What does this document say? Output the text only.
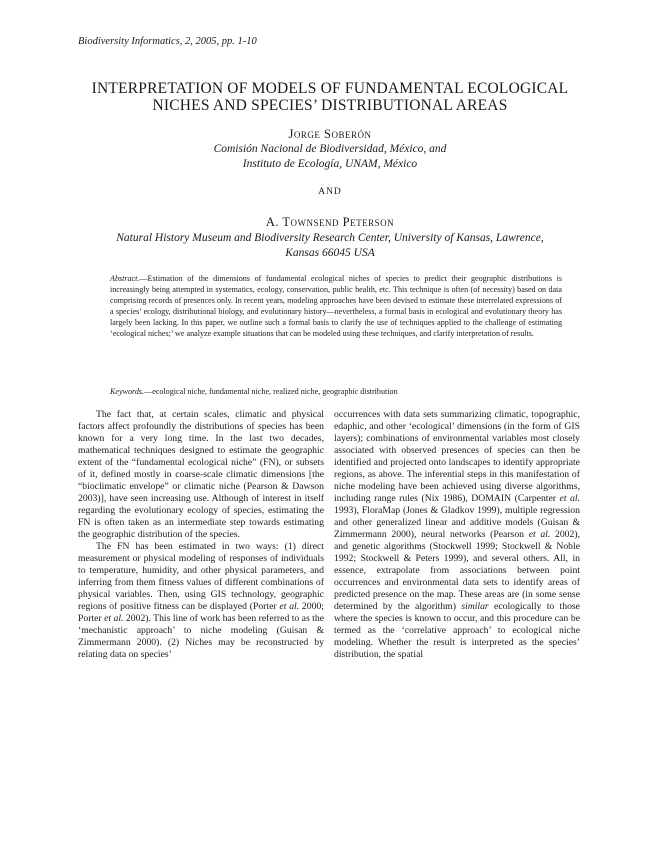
Biodiversity Informatics, 2, 2005, pp. 1-10
INTERPRETATION OF MODELS OF FUNDAMENTAL ECOLOGICAL
NICHES AND SPECIES’ DISTRIBUTIONAL AREAS
Jorge Soberón
Comisión Nacional de Biodiversidad, México, and
Instituto de Ecología, UNAM, México
AND
A. Townsend Peterson
Natural History Museum and Biodiversity Research Center, University of Kansas, Lawrence,
Kansas 66045 USA
Abstract.—Estimation of the dimensions of fundamental ecological niches of species to predict their geographic distributions is increasingly being attempted in systematics, ecology, conservation, public health, etc. This technique is often (of necessity) based on data comprising records of presences only. In recent years, modeling approaches have been devised to estimate these interrelated expressions of a species’ ecology, distributional biology, and evolutionary history—nevertheless, a formal basis in ecological and evolutionary theory has largely been lacking. In this paper, we outline such a formal basis to clarify the use of techniques applied to the challenge of estimating ‘ecological niches;’ we analyze example situations that can be modeled using these techniques, and clarify interpretation of results.
Keywords.—ecological niche, fundamental niche, realized niche, geographic distribution

The fact that, at certain scales, climatic and physical factors affect profoundly the distributions of species has been known for a very long time. In the last two decades, mathematical techniques designed to estimate the geographic extent of the “fundamental ecological niche” (FN), or subsets of it, defined mostly in coarse-scale climatic dimensions [the “bioclimatic envelope” or climatic niche (Pearson & Dawson 2003)], have seen increasing use. Although of interest in itself regarding the evolutionary ecology of species, estimating the FN is often taken as an intermediate step towards estimating the geographic distribution of the species.

The FN has been estimated in two ways: (1) direct measurement or physical modeling of responses of individuals to temperature, humidity, and other physical parameters, and inferring from them fitness values of different combinations of physical variables. Then, using GIS technology, geographic regions of positive fitness can be displayed (Porter et al. 2000; Porter et al. 2002). This line of work has been referred to as the ‘mechanistic approach’ to niche modeling (Guisan & Zimmermann 2000). (2) Niches may be reconstructed by relating data on species’

occurrences with data sets summarizing climatic, topographic, edaphic, and other ‘ecological’ dimensions (in the form of GIS layers); combinations of environmental variables most closely associated with observed presences of species can then be identified and projected onto landscapes to identify appropriate regions, as above. The inferential steps in this manifestation of niche modeling have been achieved using diverse algorithms, including range rules (Nix 1986), DOMAIN (Carpenter et al. 1993), FloraMap (Jones & Gladkov 1999), multiple regression and other generalized linear and additive models (Guisan & Zimmermann 2000), neural networks (Pearson et al. 2002), and genetic algorithms (Stockwell 1999; Stockwell & Noble 1992; Stockwell & Peters 1999), and several others. All, in essence, extrapolate from associations between point occurrences and environmental data sets to identify areas of predicted presence on the map. These areas are (in some sense determined by the algorithm) similar ecologically to those where the species is known to occur, and this procedure can be termed as the ‘correlative approach’ to ecological niche modeling. Whether the result is interpreted as the species’ distribution, the spatial
